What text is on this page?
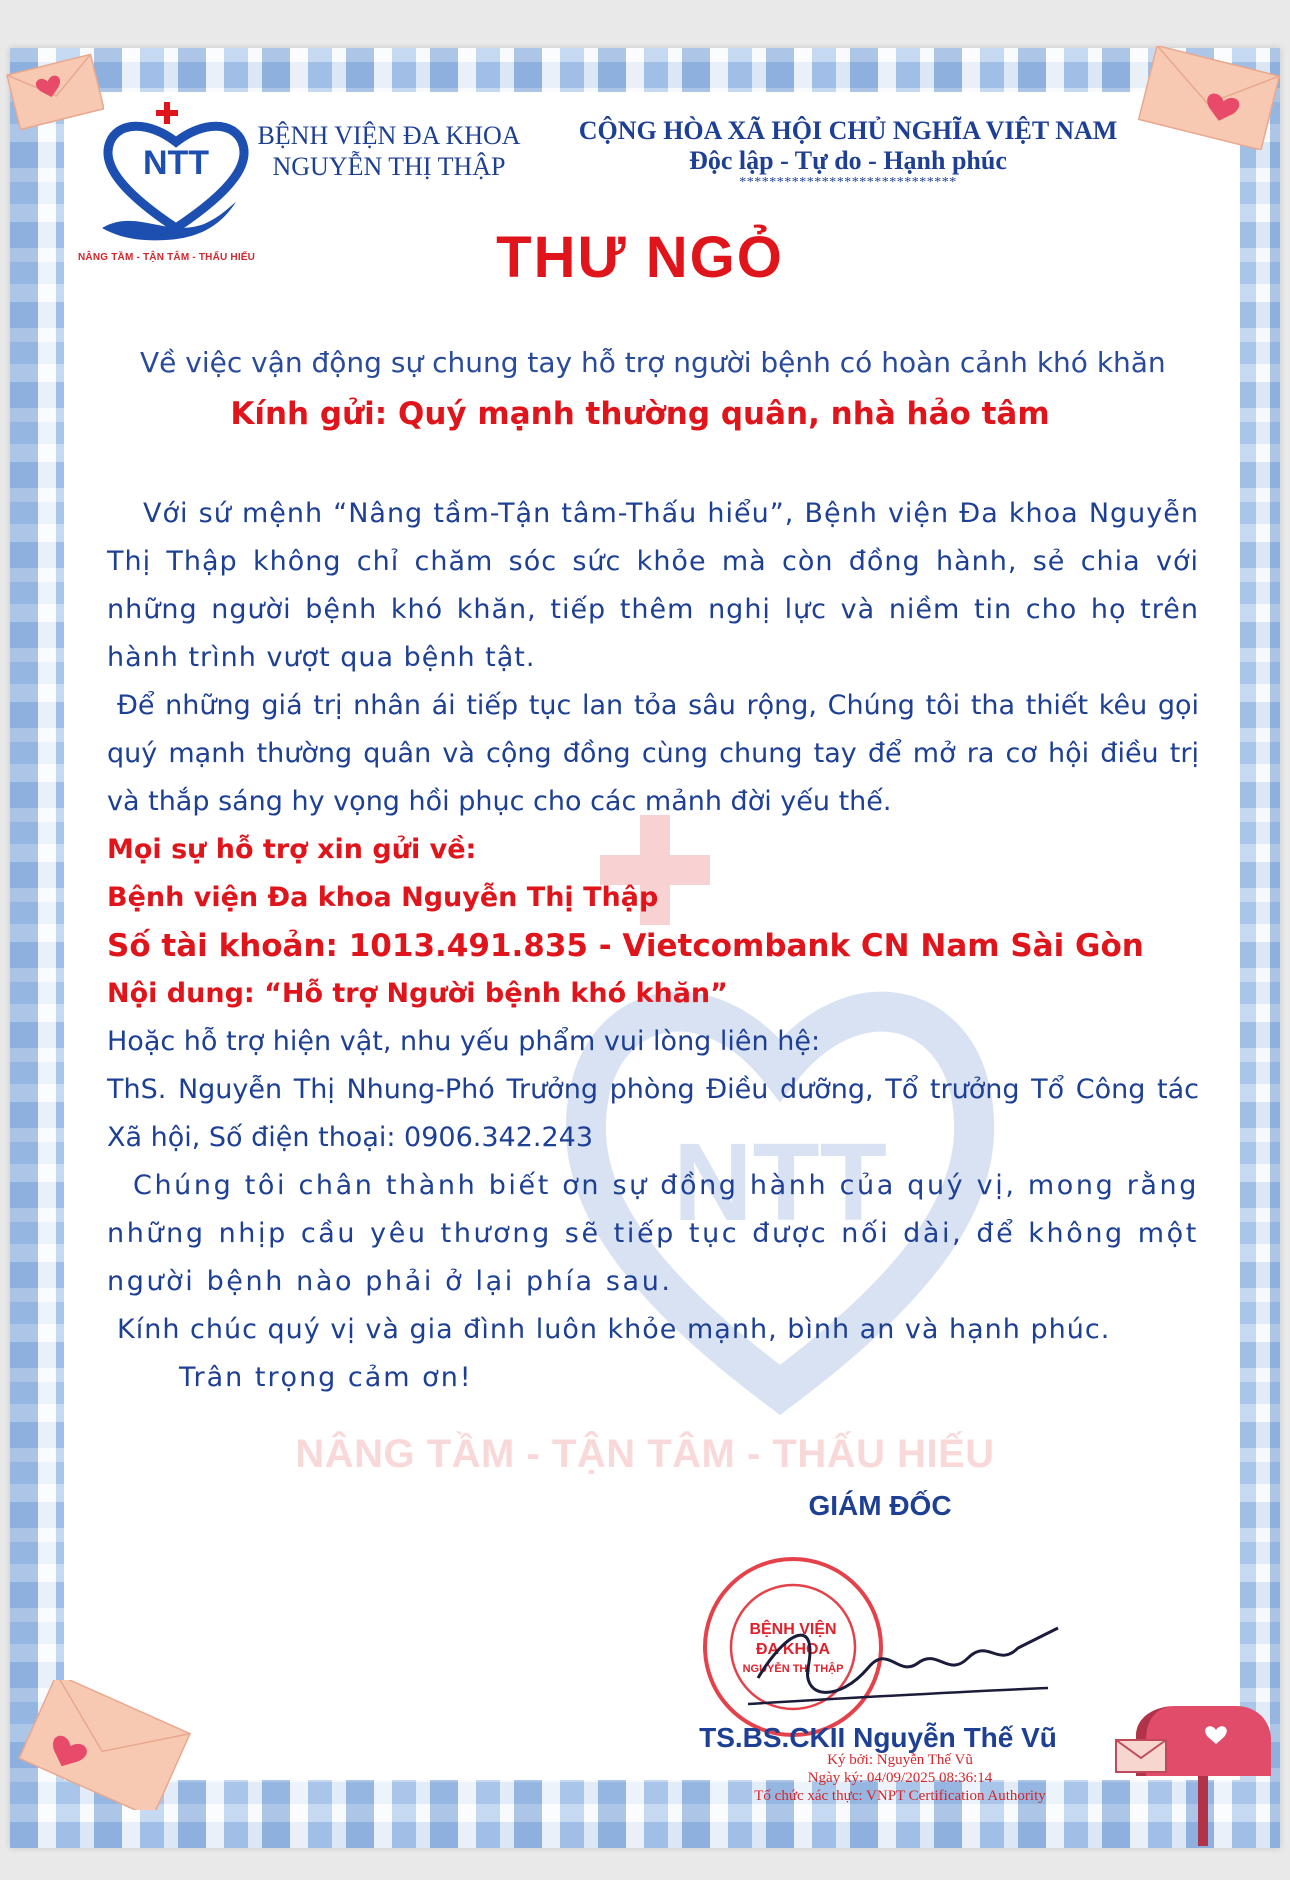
NTT
NÂNG TẦM - TẬN TÂM - THẤU HIẾU
BỆNH VIỆN ĐA KHOA
NGUYỄN THỊ THẬP
CỘNG HÒA XÃ HỘI CHỦ NGHĨA VIỆT NAM
Độc lập - Tự do - Hạnh phúc
*****************************
THƯ NGỎ
Về việc vận động sự chung tay hỗ trợ người bệnh có hoàn cảnh khó khăn
Kính gửi: Quý mạnh thường quân, nhà hảo tâm
NTT

Với sứ mệnh “Nâng tầm-Tận tâm-Thấu hiểu”, Bệnh viện Đa khoa Nguyễn Thị Thập không chỉ chăm sóc sức khỏe mà còn đồng hành, sẻ chia với những người bệnh khó khăn, tiếp thêm nghị lực và niềm tin cho họ trên hành trình vượt qua bệnh tật.

Để những giá trị nhân ái tiếp tục lan tỏa sâu rộng, Chúng tôi tha thiết kêu gọi quý mạnh thường quân và cộng đồng cùng chung tay để mở ra cơ hội điều trị và thắp sáng hy vọng hồi phục cho các mảnh đời yếu thế.

Mọi sự hỗ trợ xin gửi về:

Bệnh viện Đa khoa Nguyễn Thị Thập

Số tài khoản: 1013.491.835 - Vietcombank CN Nam Sài Gòn

Nội dung: “Hỗ trợ Người bệnh khó khăn”

Hoặc hỗ trợ hiện vật, nhu yếu phẩm vui lòng liên hệ:

ThS. Nguyễn Thị Nhung-Phó Trưởng phòng Điều dưỡng, Tổ trưởng Tổ Công tác Xã hội, Số điện thoại: 0906.342.243

Chúng tôi chân thành biết ơn sự đồng hành của quý vị, mong rằng những nhịp cầu yêu thương sẽ tiếp tục được nối dài, để không một người bệnh nào phải ở lại phía sau.

Kính chúc quý vị và gia đình luôn khỏe mạnh, bình an và hạnh phúc.

Trân trọng cảm ơn!

NÂNG TẦM - TẬN TÂM - THẤU HIẾU
GIÁM ĐỐC
BỆNH VIỆN
ĐA KHOA
NGUYỄN THỊ THẬP
TS.BS.CKII Nguyễn Thế Vũ
Ký bởi: Nguyễn Thế Vũ
Ngày ký: 04/09/2025 08:36:14
Tổ chức xác thực: VNPT Certification Authority
